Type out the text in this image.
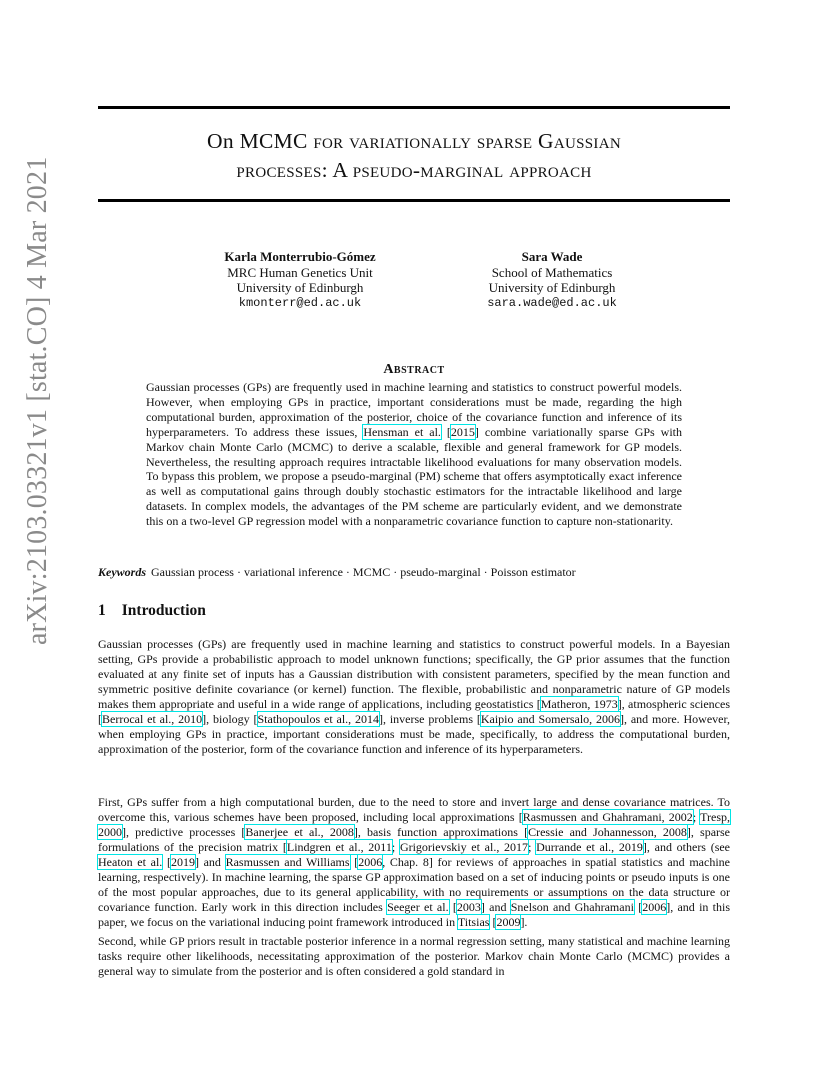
arXiv:2103.03321v1 [stat.CO] 4 Mar 2021
On MCMC for variationally sparse Gaussian
processes: A pseudo-marginal approach
Karla Monterrubio-Gómez
MRC Human Genetics Unit
University of Edinburgh
kmonterr@ed.ac.uk
Sara Wade
School of Mathematics
University of Edinburgh
sara.wade@ed.ac.uk
Abstract
Gaussian processes (GPs) are frequently used in machine learning and statistics to construct powerful models. However, when employing GPs in practice, important considerations must be made, regarding the high computational burden, approximation of the posterior, choice of the covariance function and inference of its hyperparameters. To address these issues, Hensman et al. [2015] combine variationally sparse GPs with Markov chain Monte Carlo (MCMC) to derive a scalable, flexible and general framework for GP models. Nevertheless, the resulting approach requires intractable likelihood evaluations for many observation models. To bypass this problem, we propose a pseudo-marginal (PM) scheme that offers asymptotically exact inference as well as computational gains through doubly stochastic estimators for the intractable likelihood and large datasets. In complex models, the advantages of the PM scheme are particularly evident, and we demonstrate this on a two-level GP regression model with a nonparametric covariance function to capture non-stationarity.
Keywords Gaussian process · variational inference · MCMC · pseudo-marginal · Poisson estimator
1 Introduction
Gaussian processes (GPs) are frequently used in machine learning and statistics to construct powerful models. In a Bayesian setting, GPs provide a probabilistic approach to model unknown functions; specifically, the GP prior assumes that the function evaluated at any finite set of inputs has a Gaussian distribution with consistent parameters, specified by the mean function and symmetric positive definite covariance (or kernel) function. The flexible, probabilistic and nonparametric nature of GP models makes them appropriate and useful in a wide range of applications, including geostatistics [Matheron, 1973], atmospheric sciences [Berrocal et al., 2010], biology [Stathopoulos et al., 2014], inverse problems [Kaipio and Somersalo, 2006], and more. However, when employing GPs in practice, important considerations must be made, specifically, to address the computational burden, approximation of the posterior, form of the covariance function and inference of its hyperparameters.
First, GPs suffer from a high computational burden, due to the need to store and invert large and dense covariance matrices. To overcome this, various schemes have been proposed, including local approximations [Rasmussen and Ghahramani, 2002; Tresp, 2000], predictive processes [Banerjee et al., 2008], basis function approximations [Cressie and Johannesson, 2008], sparse formulations of the precision matrix [Lindgren et al., 2011; Grigorievskiy et al., 2017; Durrande et al., 2019], and others (see Heaton et al. [2019] and Rasmussen and Williams [2006, Chap. 8] for reviews of approaches in spatial statistics and machine learning, respectively). In machine learning, the sparse GP approximation based on a set of inducing points or pseudo inputs is one of the most popular approaches, due to its general applicability, with no requirements or assumptions on the data structure or covariance function. Early work in this direction includes Seeger et al. [2003] and Snelson and Ghahramani [2006], and in this paper, we focus on the variational inducing point framework introduced in Titsias [2009].
Second, while GP priors result in tractable posterior inference in a normal regression setting, many statistical and machine learning tasks require other likelihoods, necessitating approximation of the posterior. Markov chain Monte Carlo (MCMC) provides a general way to simulate from the posterior and is often considered a gold standard in
